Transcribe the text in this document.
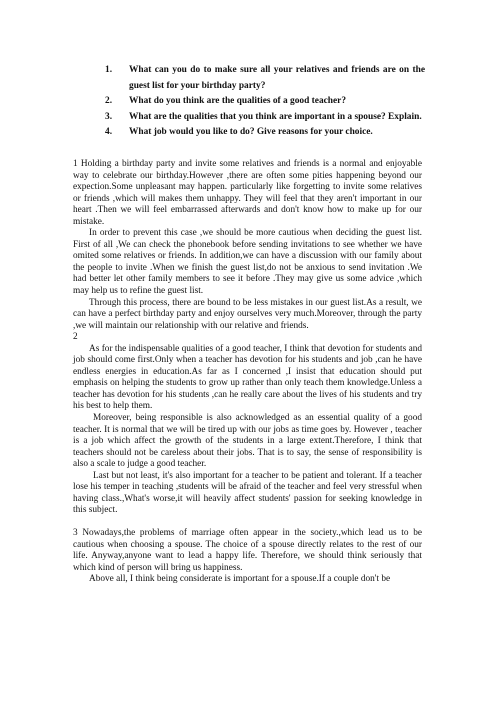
1. What can you do to make sure all your relatives and friends are on the guest list for your birthday party?
2. What do you think are the qualities of a good teacher?
3. What are the qualities that you think are important in a spouse? Explain.
4. What job would you like to do? Give reasons for your choice.

1 Holding a birthday party and invite some relatives and friends is a normal and enjoyable way to celebrate our birthday.However ,there are often some pities happening beyond our expection.Some unpleasant may happen. particularly like forgetting to invite some relatives or friends ,which will makes them unhappy. They will feel that they aren't important in our heart .Then we will feel embarrassed afterwards and don't know how to make up for our mistake.

In order to prevent this case ,we should be more cautious when deciding the guest list. First of all ,We can check the phonebook before sending invitations to see whether we have omited some relatives or friends. In addition,we can have a discussion with our family about the people to invite .When we finish the guest list,do not be anxious to send invitation .We had better let other family members to see it before .They may give us some advice ,which may help us to refine the guest list.

Through this process, there are bound to be less mistakes in our guest list.As a result, we can have a perfect birthday party and enjoy ourselves very much.Moreover, through the party ,we will maintain our relationship with our relative and friends.

2

As for the indispensable qualities of a good teacher, I think that devotion for students and job should come first.Only when a teacher has devotion for his students and job ,can he have endless energies in education.As far as I concerned ,I insist that education should put emphasis on helping the students to grow up rather than only teach them knowledge.Unless a teacher has devotion for his students ,can he really care about the lives of his students and try his best to help them.

Moreover, being responsible is also acknowledged as an essential quality of a good teacher. It is normal that we will be tired up with our jobs as time goes by. However , teacher is a job which affect the growth of the students in a large extent.Therefore, I think that teachers should not be careless about their jobs. That is to say, the sense of responsibility is also a scale to judge a good teacher.

Last but not least, it's also important for a teacher to be patient and tolerant. If a teacher lose his temper in teaching ,students will be afraid of the teacher and feel very stressful when having class.,What's worse,it will heavily affect students' passion for seeking knowledge in this subject.

3 Nowadays,the problems of marriage often appear in the society.,which lead us to be cautious when choosing a spouse. The choice of a spouse directly relates to the rest of our life. Anyway,anyone want to lead a happy life. Therefore, we should think seriously that which kind of person will bring us happiness.

Above all, I think being considerate is important for a spouse.If a couple don't be
